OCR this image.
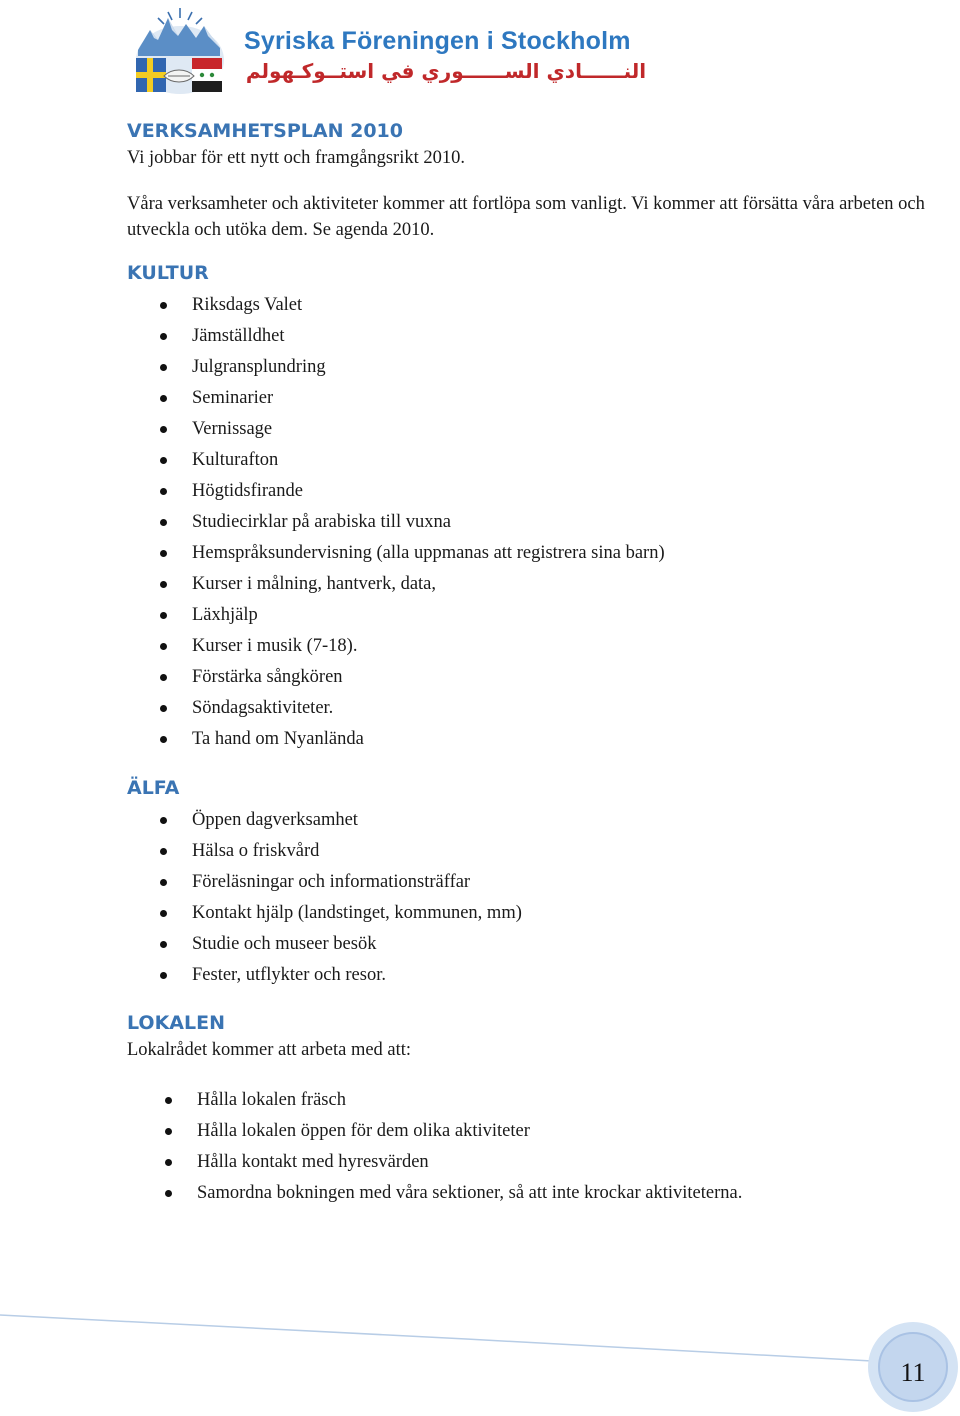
Syriska Föreningen i Stockholm

النــــــادي الســــــوري في استــوكـهولم

VERKSAMHETSPLAN 2010

Vi jobbar för ett nytt och framgångsrikt 2010.

Våra verksamheter och aktiviteter kommer att fortlöpa som vanligt. Vi kommer att försätta våra arbeten och utveckla och utöka dem. Se agenda 2010.

KULTUR
Riksdags Valet
Jämställdhet
Julgransplundring
Seminarier
Vernissage
Kulturafton
Högtidsfirande
Studiecirklar på arabiska till vuxna
Hemspråksundervisning (alla uppmanas att registrera sina barn)
Kurser i målning, hantverk, data,
Läxhjälp
Kurser i musik (7-18).
Förstärka sångkören
Söndagsaktiviteter.
Ta hand om Nyanlända
ÄLFA
Öppen dagverksamhet
Hälsa o friskvård
Föreläsningar och informationsträffar
Kontakt hjälp (landstinget, kommunen, mm)
Studie och museer besök
Fester, utflykter och resor.
LOKALEN

Lokalrådet kommer att arbeta med att:

Hålla lokalen fräsch
Hålla lokalen öppen för dem olika aktiviteter
Hålla kontakt med hyresvärden
Samordna bokningen med våra sektioner, så att inte krockar aktiviteterna.
11
